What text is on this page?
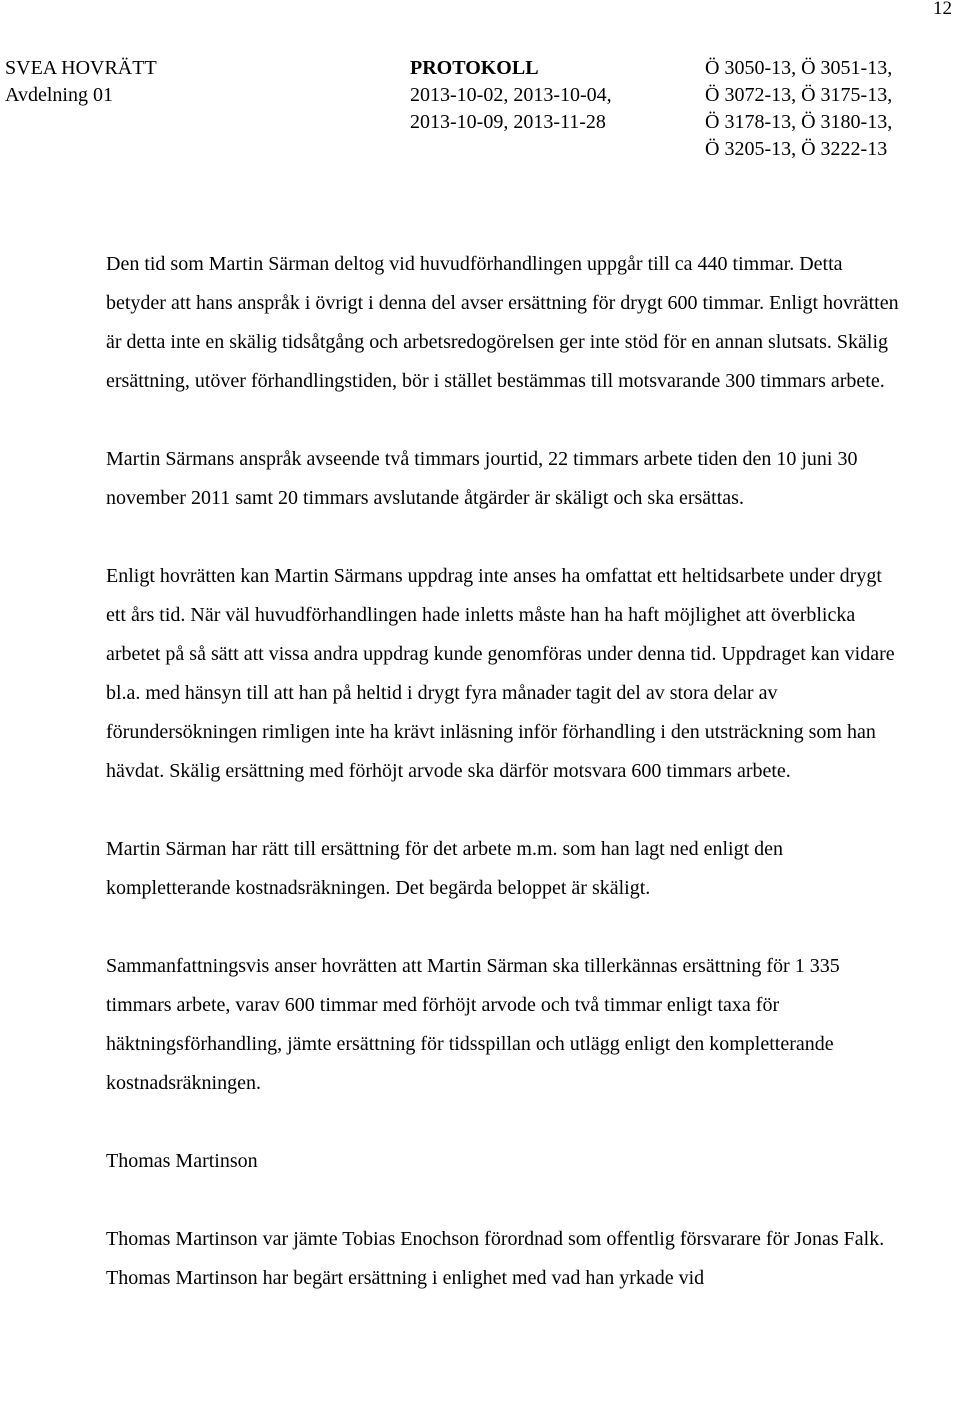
12
SVEA HOVRÄTT
Avdelning 01
PROTOKOLL
2013-10-02, 2013-10-04,
2013-10-09, 2013-11-28
Ö 3050-13, Ö 3051-13,
Ö 3072-13, Ö 3175-13,
Ö 3178-13, Ö 3180-13,
Ö 3205-13, Ö 3222-13

Den tid som Martin Särman deltog vid huvudförhandlingen uppgår till ca 440 timmar. Detta betyder att hans anspråk i övrigt i denna del avser ersättning för drygt 600 timmar. Enligt hovrätten är detta inte en skälig tidsåtgång och arbetsredogörelsen ger inte stöd för en annan slutsats. Skälig ersättning, utöver förhandlingstiden, bör i stället bestämmas till motsvarande 300 timmars arbete.

Martin Särmans anspråk avseende två timmars jourtid, 22 timmars arbete tiden den 10 juni 30 november 2011 samt 20 timmars avslutande åtgärder är skäligt och ska ersättas.

Enligt hovrätten kan Martin Särmans uppdrag inte anses ha omfattat ett heltidsarbete under drygt ett års tid. När väl huvudförhandlingen hade inletts måste han ha haft möjlighet att överblicka arbetet på så sätt att vissa andra uppdrag kunde genomföras under denna tid. Uppdraget kan vidare bl.a. med hänsyn till att han på heltid i drygt fyra månader tagit del av stora delar av förundersökningen rimligen inte ha krävt inläsning inför förhandling i den utsträckning som han hävdat. Skälig ersättning med förhöjt arvode ska därför motsvara 600 timmars arbete.

Martin Särman har rätt till ersättning för det arbete m.m. som han lagt ned enligt den kompletterande kostnadsräkningen. Det begärda beloppet är skäligt.

Sammanfattningsvis anser hovrätten att Martin Särman ska tillerkännas ersättning för 1 335 timmars arbete, varav 600 timmar med förhöjt arvode och två timmar enligt taxa för häktningsförhandling, jämte ersättning för tidsspillan och utlägg enligt den kompletterande kostnadsräkningen.

Thomas Martinson

Thomas Martinson var jämte Tobias Enochson förordnad som offentlig försvarare för Jonas Falk. Thomas Martinson har begärt ersättning i enlighet med vad han yrkade vid
